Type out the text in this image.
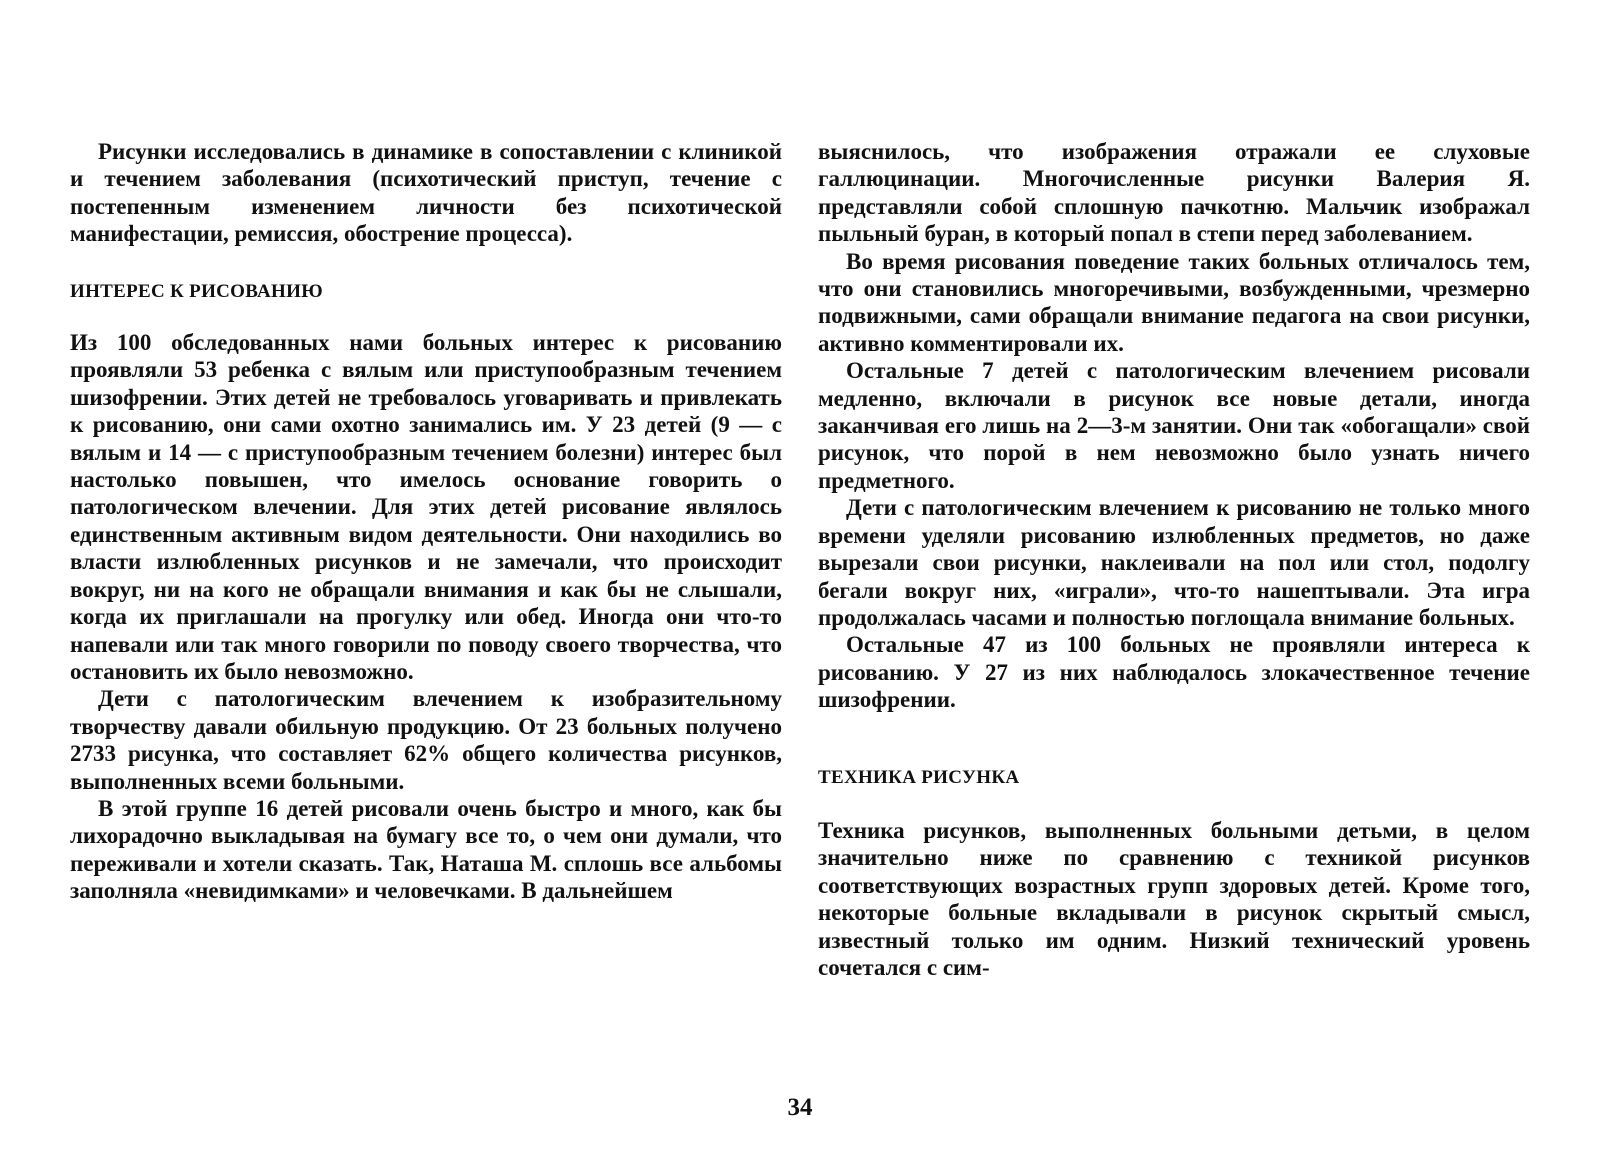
Рисунки исследовались в динамике в сопоставлении с клиникой и течением заболевания (психотический приступ, течение с постепенным изменением личности без психотической манифестации, ремиссия, обострение процесса).

ИНТЕРЕС К РИСОВАНИЮ

Из 100 обследованных нами больных интерес к рисованию проявляли 53 ребенка с вялым или приступообразным течением шизофрении. Этих детей не требовалось уговаривать и привлекать к рисованию, они сами охотно занимались им. У 23 детей (9 — с вялым и 14 — с приступообразным течением болезни) интерес был настолько повышен, что имелось основание говорить о патологическом влечении. Для этих детей рисование являлось единственным активным видом деятельности. Они находились во власти излюбленных рисунков и не замечали, что происходит вокруг, ни на кого не обращали внимания и как бы не слышали, когда их приглашали на прогулку или обед. Иногда они что-то напевали или так много говорили по поводу своего творчества, что остановить их было невозможно.

Дети с патологическим влечением к изобразительному творчеству давали обильную продукцию. От 23 больных получено 2733 рисунка, что составляет 62% общего количества рисунков, выполненных всеми больными.

В этой группе 16 детей рисовали очень быстро и много, как бы лихорадочно выкладывая на бумагу все то, о чем они думали, что переживали и хотели сказать. Так, Наташа М. сплошь все альбомы заполняла «невидимками» и человечками. В дальнейшем

выяснилось, что изображения отражали ее слуховые галлюцинации. Многочисленные рисунки Валерия Я. представляли собой сплошную пачкотню. Мальчик изображал пыльный буран, в который попал в степи перед заболеванием.

Во время рисования поведение таких больных отличалось тем, что они становились многоречивыми, возбужденными, чрезмерно подвижными, сами обращали внимание педагога на свои рисунки, активно комментировали их.

Остальные 7 детей с патологическим влечением рисовали медленно, включали в рисунок все новые детали, иногда заканчивая его лишь на 2—3-м занятии. Они так «обогащали» свой рисунок, что порой в нем невозможно было узнать ничего предметного.

Дети с патологическим влечением к рисованию не только много времени уделяли рисованию излюбленных предметов, но даже вырезали свои рисунки, наклеивали на пол или стол, подолгу бегали вокруг них, «играли», что-то нашептывали. Эта игра продолжалась часами и полностью поглощала внимание больных.

Остальные 47 из 100 больных не проявляли интереса к рисованию. У 27 из них наблюдалось злокачественное течение шизофрении.

ТЕХНИКА РИСУНКА

Техника рисунков, выполненных больными детьми, в целом значительно ниже по сравнению с техникой рисунков соответствующих возрастных групп здоровых детей. Кроме того, некоторые больные вкладывали в рисунок скрытый смысл, известный только им одним. Низкий технический уровень сочетался с сим-

34
